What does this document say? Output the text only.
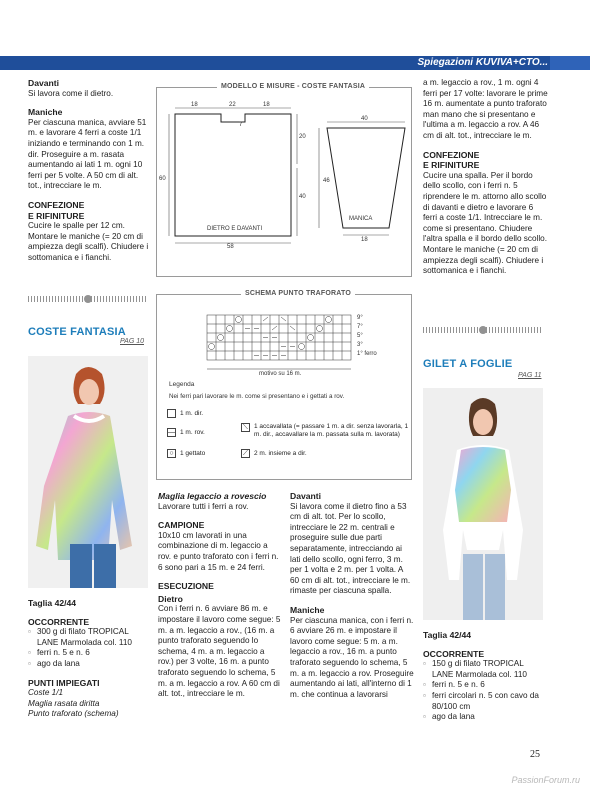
Spiegazioni KUVIVA+CTO...

Davanti

Si lavora come il dietro.

Maniche

Per ciascuna manica, avviare 51 m. e lavorare 4 ferri a coste 1/1 iniziando e terminando con 1 m. dir. Proseguire a m. rasata aumentando ai lati 1 m. ogni 10 ferri per 5 volte. A 50 cm di alt. tot., intrecciare le m.

CONFEZIONE

E RIFINITURE

Cucire le spalle per 12 cm. Montare le maniche (= 20 cm di ampiezza degli scalfi). Chiudere i sottomanica e i fianchi.

COSTE FANTASIA
PAG 10

Taglia 42/44

OCCORRENTE

▫ 300 g di filato TROPICAL LANE Marmolada col. 110

▫ ferri n. 5 e n. 6

▫ ago da lana

PUNTI IMPIEGATI

Coste 1/1

Maglia rasata diritta

Punto traforato (schema)

MODELLO E MISURE - COSTE FANTASIA
18	22	18
7
20
60
40
58
DIETRO E DAVANTI
40
46
18
MANICA
SCHEMA PUNTO TRAFORATO
9°
7°
5°
3°
1° ferro
motivo su 16 m.
Legenda
Nei ferri pari lavorare le m. come si presentano e i gettati a rov.
1 m. dir.
— 1 m. rov.
○ 1 gettato
⟍ 1 accavallata (= passare 1 m. a dir. senza lavorarla, 1 m. dir., accavallare la m. passata sulla m. lavorata)
⟋ 2 m. insieme a dir.

Maglia legaccio a rovescio

Lavorare tutti i ferri a rov.

CAMPIONE

10x10 cm lavorati in una combinazione di m. legaccio a rov. e punto traforato con i ferri n. 6 sono pari a 15 m. e 24 ferri.

ESECUZIONE

Dietro

Con i ferri n. 6 avviare 86 m. e impostare il lavoro come segue: 5 m. a m. legaccio a rov., (16 m. a punto traforato seguendo lo schema, 4 m. a m. legaccio a rov.) per 3 volte, 16 m. a punto traforato seguendo lo schema, 5 m. a m. legaccio a rov. A 60 cm di alt. tot., intrecciare le m.

Davanti

Si lavora come il dietro fino a 53 cm di alt. tot. Per lo scollo, intrecciare le 22 m. centrali e proseguire sulle due parti separatamente, intrecciando ai lati dello scollo, ogni ferro, 3 m. per 1 volta e 2 m. per 1 volta. A 60 cm di alt. tot., intrecciare le m. rimaste per ciascuna spalla.

Maniche

Per ciascuna manica, con i ferri n. 6 avviare 26 m. e impostare il lavoro come segue: 5 m. a m. legaccio a rov., 16 m. a punto traforato seguendo lo schema, 5 m. a m. legaccio a rov. Proseguire aumentando ai lati, all'interno di 1 m. che continua a lavorarsi

a m. legaccio a rov., 1 m. ogni 4 ferri per 17 volte: lavorare le prime 16 m. aumentate a punto traforato man mano che si presentano e l'ultima a m. legaccio a rov. A 46 cm di alt. tot., intrecciare le m.

CONFEZIONE

E RIFINITURE

Cucire una spalla. Per il bordo dello scollo, con i ferri n. 5 riprendere le m. attorno allo scollo di davanti e dietro e lavorare 6 ferri a coste 1/1. Intrecciare le m. come si presentano. Chiudere l'altra spalla e il bordo dello scollo. Montare le maniche (= 20 cm di ampiezza degli scalfi). Chiudere i sottomanica e i fianchi.

GILET A FOGLIE
PAG 11

Taglia 42/44

OCCORRENTE

▫ 150 g di filato TROPICAL LANE Marmolada col. 110

▫ ferri n. 5 e n. 6

▫ ferri circolari n. 5 con cavo da 80/100 cm

▫ ago da lana

25
PassionForum.ru
